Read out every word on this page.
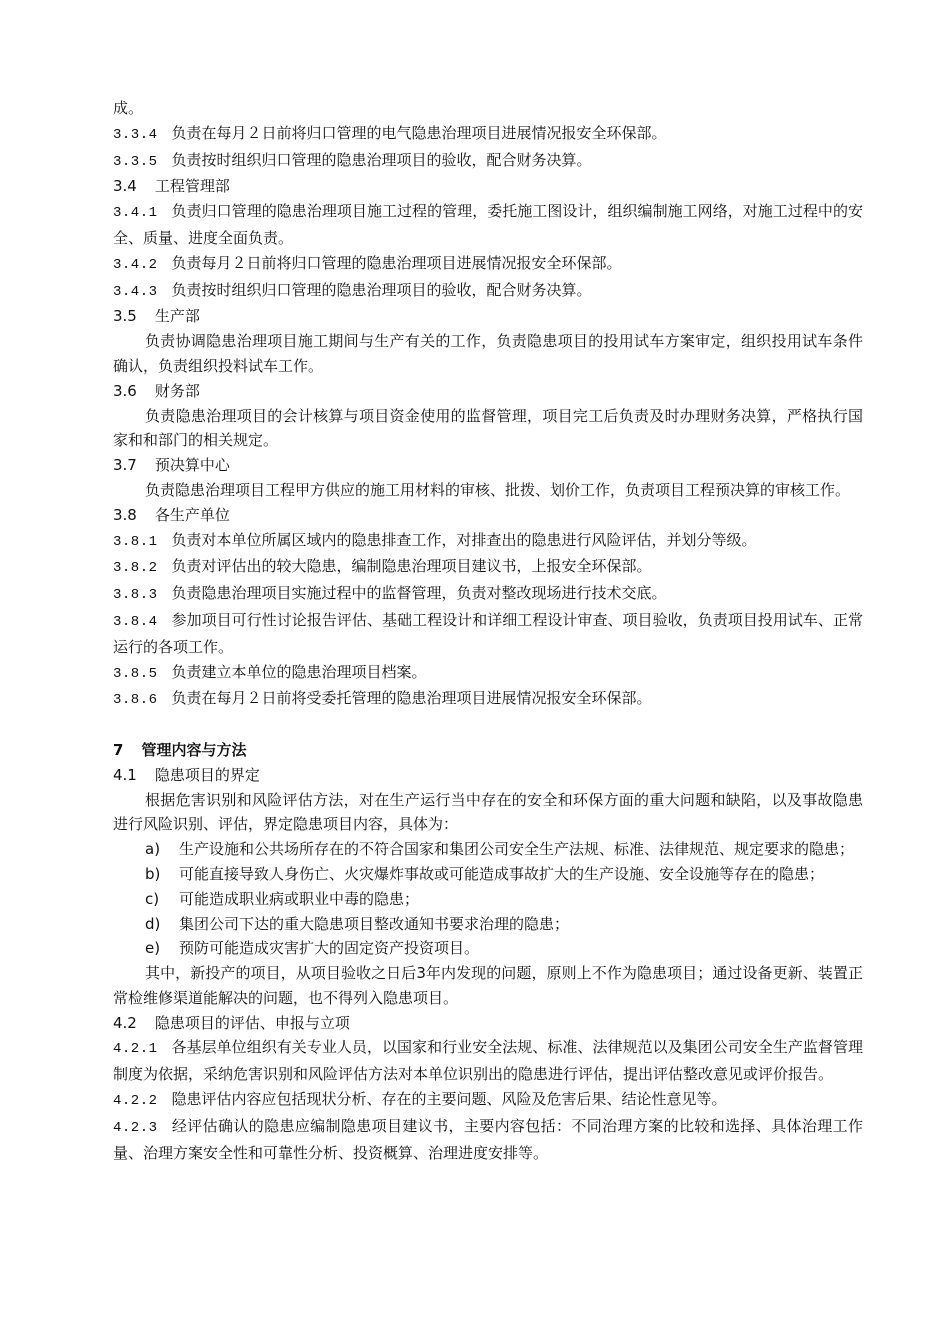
成。
3.3.4 负责在每月２日前将归口管理的电气隐患治理项目进展情况报安全环保部。
3.3.5 负责按时组织归口管理的隐患治理项目的验收，配合财务决算。
3.4 工程管理部
3.4.1 负责归口管理的隐患治理项目施工过程的管理，委托施工图设计，组织编制施工网络，对施工过程中的安全、质量、进度全面负责。
3.4.2 负责每月２日前将归口管理的隐患治理项目进展情况报安全环保部。
3.4.3 负责按时组织归口管理的隐患治理项目的验收，配合财务决算。
3.5 生产部
负责协调隐患治理项目施工期间与生产有关的工作，负责隐患项目的投用试车方案审定，组织投用试车条件确认，负责组织投料试车工作。
3.6 财务部
负责隐患治理项目的会计核算与项目资金使用的监督管理，项目完工后负责及时办理财务决算，严格执行国家和和部门的相关规定。
3.7 预决算中心
负责隐患治理项目工程甲方供应的施工用材料的审核、批拨、划价工作，负责项目工程预决算的审核工作。
3.8 各生产单位
3.8.1 负责对本单位所属区域内的隐患排查工作，对排查出的隐患进行风险评估，并划分等级。
3.8.2 负责对评估出的较大隐患，编制隐患治理项目建议书，上报安全环保部。
3.8.3 负责隐患治理项目实施过程中的监督管理，负责对整改现场进行技术交底。
3.8.4 参加项目可行性讨论报告评估、基础工程设计和详细工程设计审查、项目验收，负责项目投用试车、正常运行的各项工作。
3.8.5 负责建立本单位的隐患治理项目档案。
3.8.6 负责在每月２日前将受委托管理的隐患治理项目进展情况报安全环保部。
7 管理内容与方法
4.1 隐患项目的界定
根据危害识别和风险评估方法，对在生产运行当中存在的安全和环保方面的重大问题和缺陷，以及事故隐患进行风险识别、评估，界定隐患项目内容，具体为：
a) 生产设施和公共场所存在的不符合国家和集团公司安全生产法规、标准、法律规范、规定要求的隐患；
b) 可能直接导致人身伤亡、火灾爆炸事故或可能造成事故扩大的生产设施、安全设施等存在的隐患；
c) 可能造成职业病或职业中毒的隐患；
d) 集团公司下达的重大隐患项目整改通知书要求治理的隐患；
e) 预防可能造成灾害扩大的固定资产投资项目。
其中，新投产的项目，从项目验收之日后3年内发现的问题，原则上不作为隐患项目；通过设备更新、装置正常检维修渠道能解决的问题，也不得列入隐患项目。
4.2 隐患项目的评估、申报与立项
4.2.1 各基层单位组织有关专业人员，以国家和行业安全法规、标准、法律规范以及集团公司安全生产监督管理制度为依据，采纳危害识别和风险评估方法对本单位识别出的隐患进行评估，提出评估整改意见或评价报告。
4.2.2 隐患评估内容应包括现状分析、存在的主要问题、风险及危害后果、结论性意见等。
4.2.3 经评估确认的隐患应编制隐患项目建议书，主要内容包括：不同治理方案的比较和选择、具体治理工作量、治理方案安全性和可靠性分析、投资概算、治理进度安排等。
